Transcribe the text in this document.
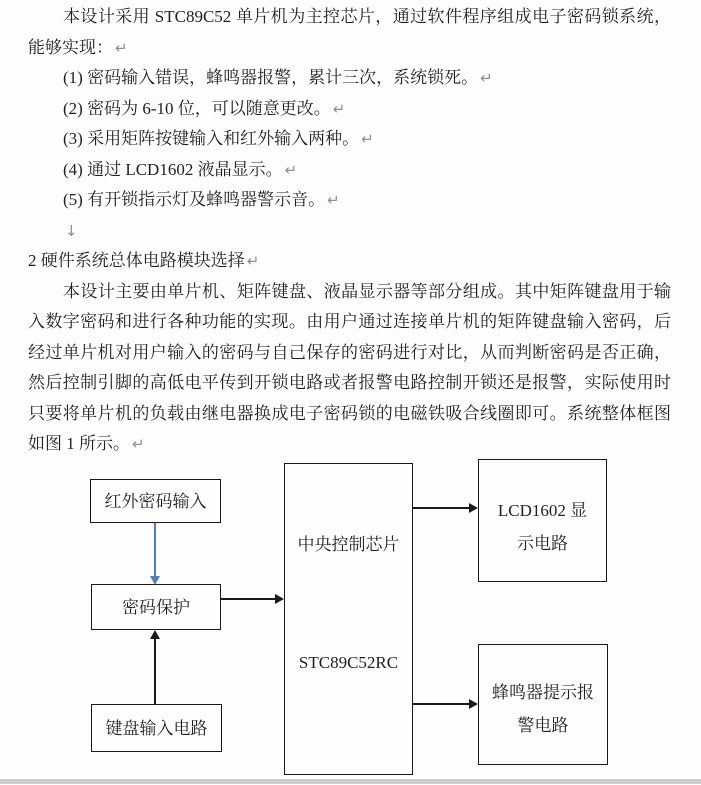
本设计采用 STC89C52 单片机为主控芯片，通过软件程序组成电子密码锁系统，
能够实现： ↵
(1) 密码输入错误，蜂鸣器报警，累计三次，系统锁死。 ↵
(2) 密码为 6-10 位，可以随意更改。 ↵
(3) 采用矩阵按键输入和红外输入两种。 ↵
(4) 通过 LCD1602 液晶显示。 ↵
(5) 有开锁指示灯及蜂鸣器警示音。 ↵
↓
2 硬件系统总体电路模块选择 ↵
本设计主要由单片机、矩阵键盘、液晶显示器等部分组成。其中矩阵键盘用于输
入数字密码和进行各种功能的实现。由用户通过连接单片机的矩阵键盘输入密码，后
经过单片机对用户输入的密码与自己保存的密码进行对比，从而判断密码是否正确，
然后控制引脚的高低电平传到开锁电路或者报警电路控制开锁还是报警，实际使用时
只要将单片机的负载由继电器换成电子密码锁的电磁铁吸合线圈即可。系统整体框图
如图 1 所示。 ↵
红外密码输入
密码保护
键盘输入电路
中央控制芯片
STC89C52RC
LCD1602 显
示电路
蜂鸣器提示报
警电路
